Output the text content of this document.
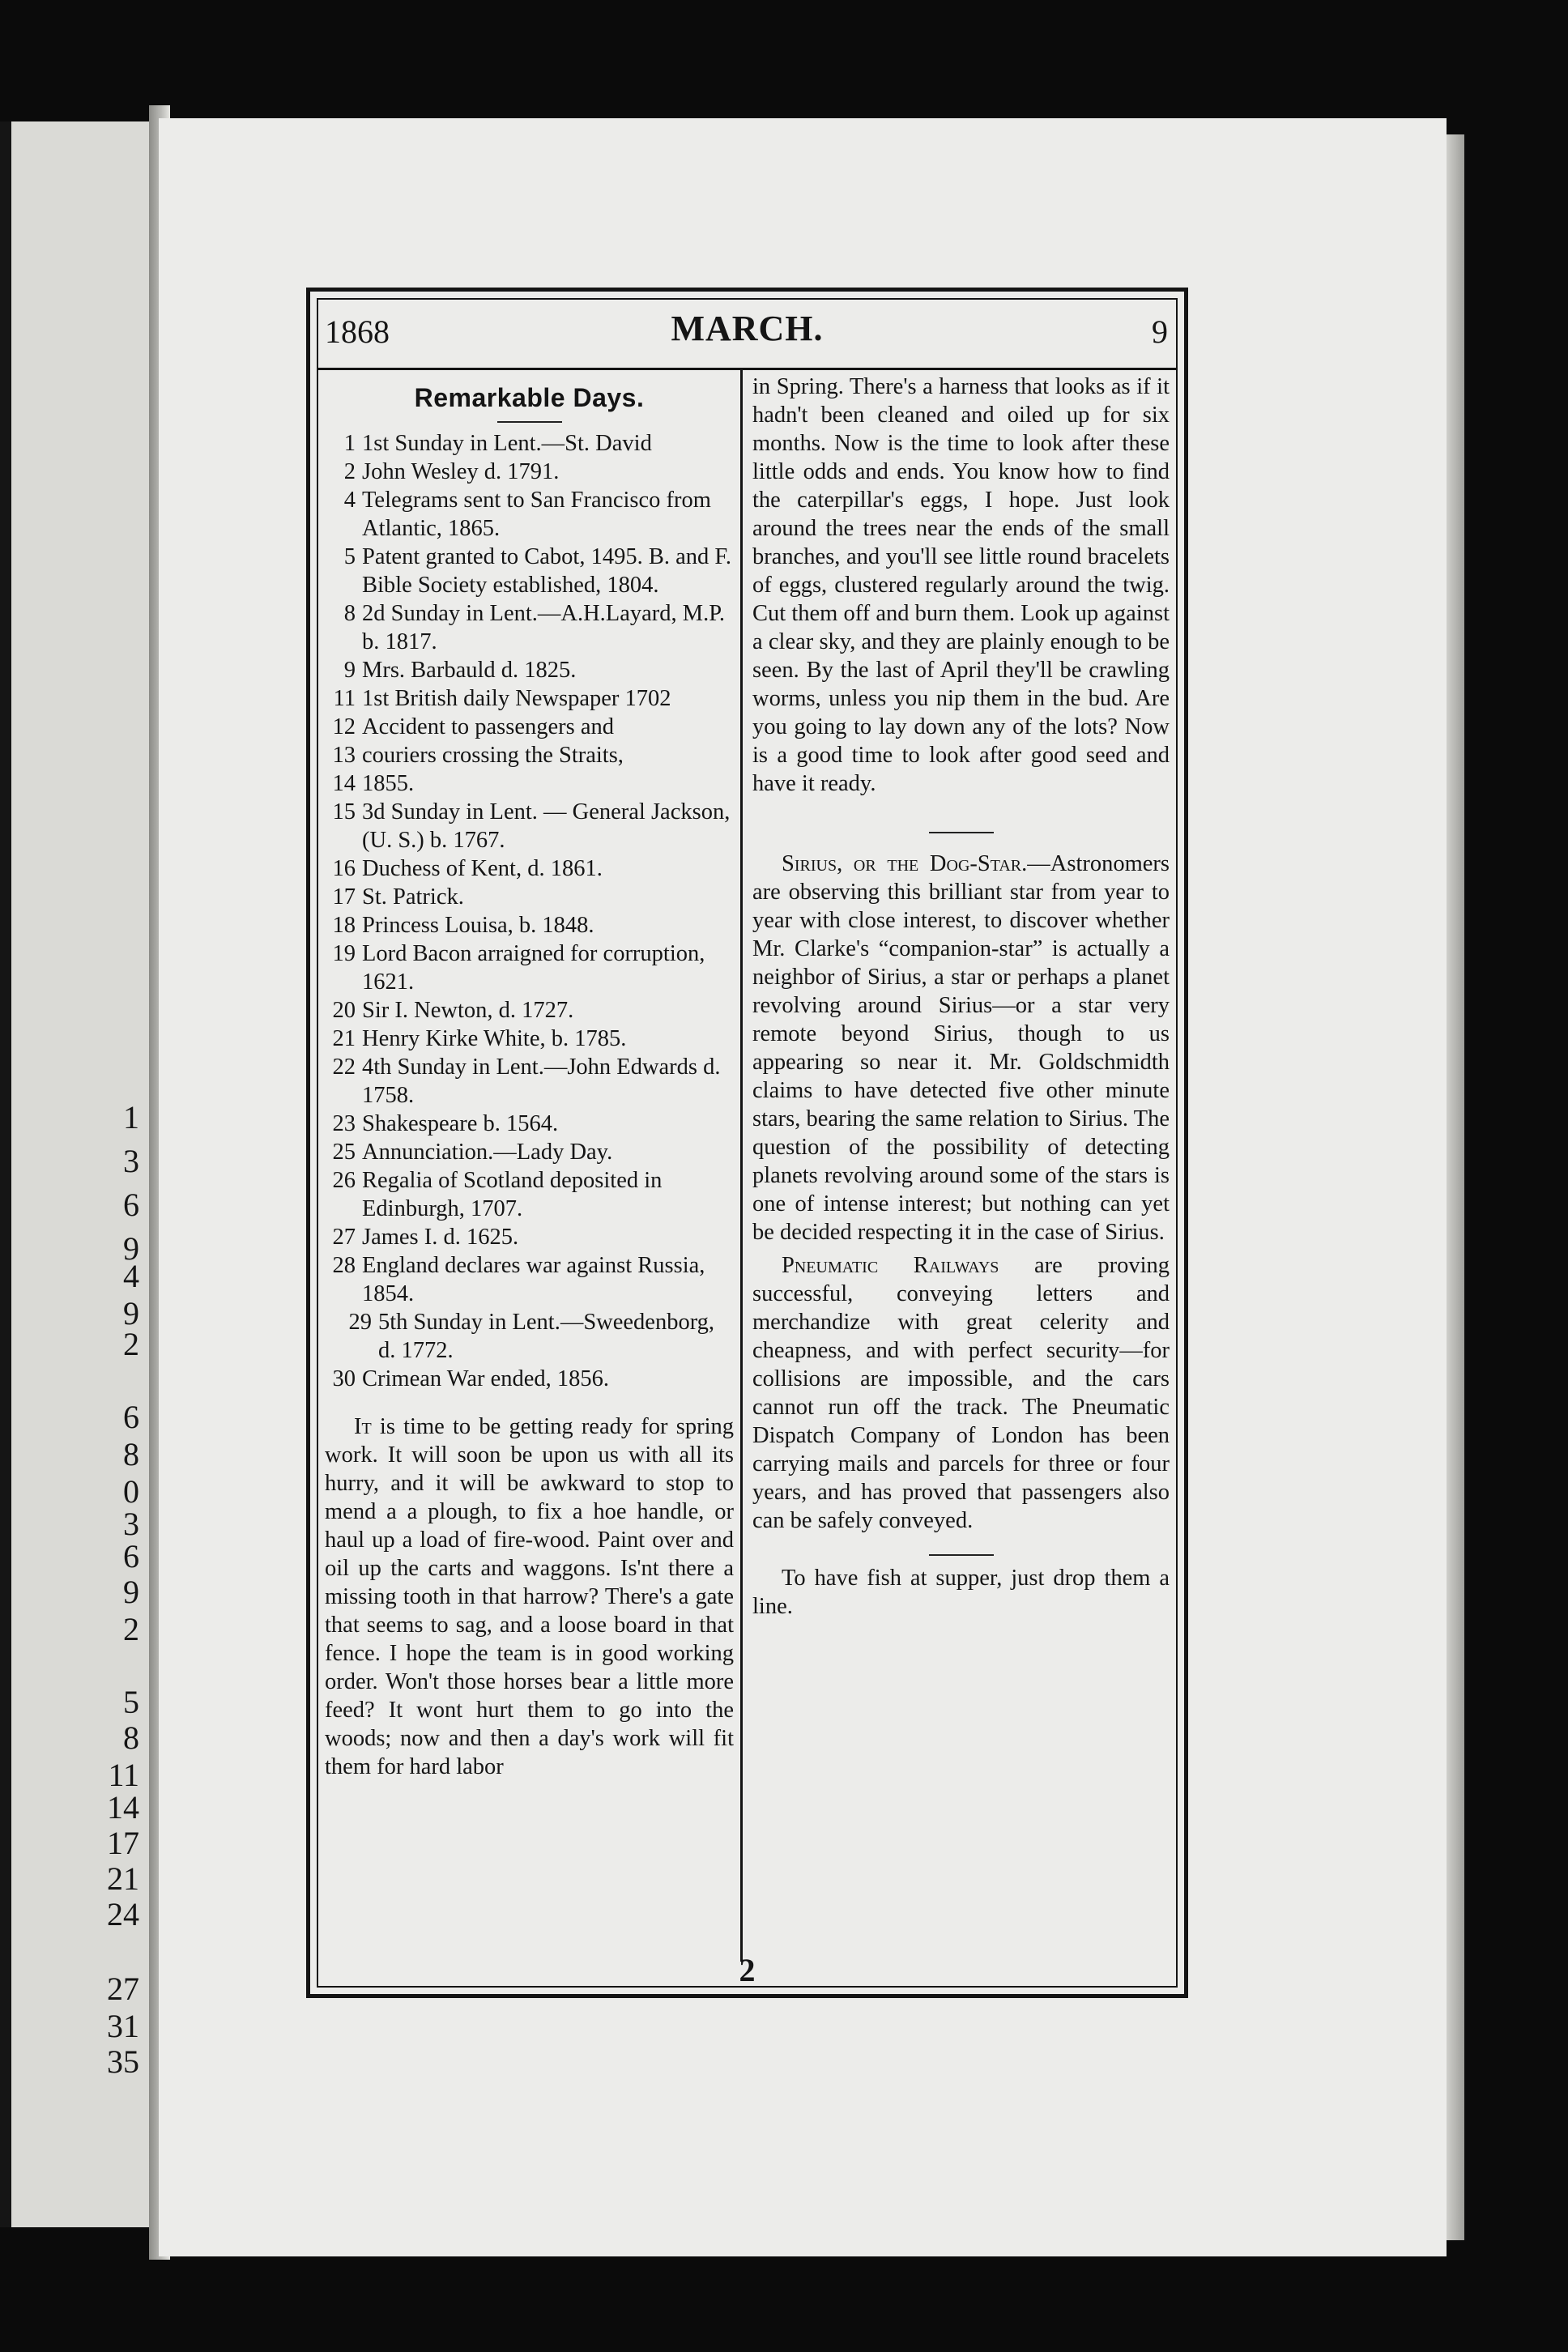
1
3
6
9
4
9
2
6
8
0
3
6
9
2
5
8
11
14
17
21
24
27
31
35
1868	MARCH.	9
Remarkable Days.
1 1st Sunday in Lent.—St. David
2 John Wesley d. 1791.
4 Telegrams sent to San Francisco from Atlantic, 1865.
5 Patent granted to Cabot, 1495. B. and F. Bible Society established, 1804.
8 2d Sunday in Lent.—A.H.Layard, M.P. b. 1817.
9 Mrs. Barbauld d. 1825.
11 1st British daily Newspaper 1702
12 Accident to passengers and
13 couriers crossing the Straits,
14 1855.
15 3d Sunday in Lent. — General Jackson, (U. S.) b. 1767.
16 Duchess of Kent, d. 1861.
17 St. Patrick.
18 Princess Louisa, b. 1848.
19 Lord Bacon arraigned for corruption, 1621.
20 Sir I. Newton, d. 1727.
21 Henry Kirke White, b. 1785.
22 4th Sunday in Lent.—John Edwards d. 1758.
23 Shakespeare b. 1564.
25 Annunciation.—Lady Day.
26 Regalia of Scotland deposited in Edinburgh, 1707.
27 James I. d. 1625.
28 England declares war against Russia, 1854.
29 5th Sunday in Lent.—Sweedenborg, d. 1772.
30 Crimean War ended, 1856.

It is time to be getting ready for spring work. It will soon be upon us with all its hurry, and it will be awkward to stop to mend a a plough, to fix a hoe handle, or haul up a load of fire-wood. Paint over and oil up the carts and waggons. Is'nt there a missing tooth in that harrow? There's a gate that seems to sag, and a loose board in that fence. I hope the team is in good working order. Won't those horses bear a little more feed? It wont hurt them to go into the woods; now and then a day's work will fit them for hard labor

in Spring. There's a harness that looks as if it hadn't been cleaned and oiled up for six months. Now is the time to look after these little odds and ends. You know how to find the caterpillar's eggs, I hope. Just look around the trees near the ends of the small branches, and you'll see little round bracelets of eggs, clustered regularly around the twig. Cut them off and burn them. Look up against a clear sky, and they are plainly enough to be seen. By the last of April they'll be crawling worms, unless you nip them in the bud. Are you going to lay down any of the lots? Now is a good time to look after good seed and have it ready.

Sirius, or the Dog-Star.—Astronomers are observing this brilliant star from year to year with close interest, to discover whether Mr. Clarke's “companion-star” is actually a neighbor of Sirius, a star or perhaps a planet revolving around Sirius—or a star very remote beyond Sirius, though to us appearing so near it. Mr. Goldschmidth claims to have detected five other minute stars, bearing the same relation to Sirius. The question of the possibility of detecting planets revolving around some of the stars is one of intense interest; but nothing can yet be decided respecting it in the case of Sirius.

Pneumatic Railways are proving successful, conveying letters and merchandize with great celerity and cheapness, and with perfect security—for collisions are impossible, and the cars cannot run off the track. The Pneumatic Dispatch Company of London has been carrying mails and parcels for three or four years, and has proved that passengers also can be safely conveyed.

To have fish at supper, just drop them a line.

2
